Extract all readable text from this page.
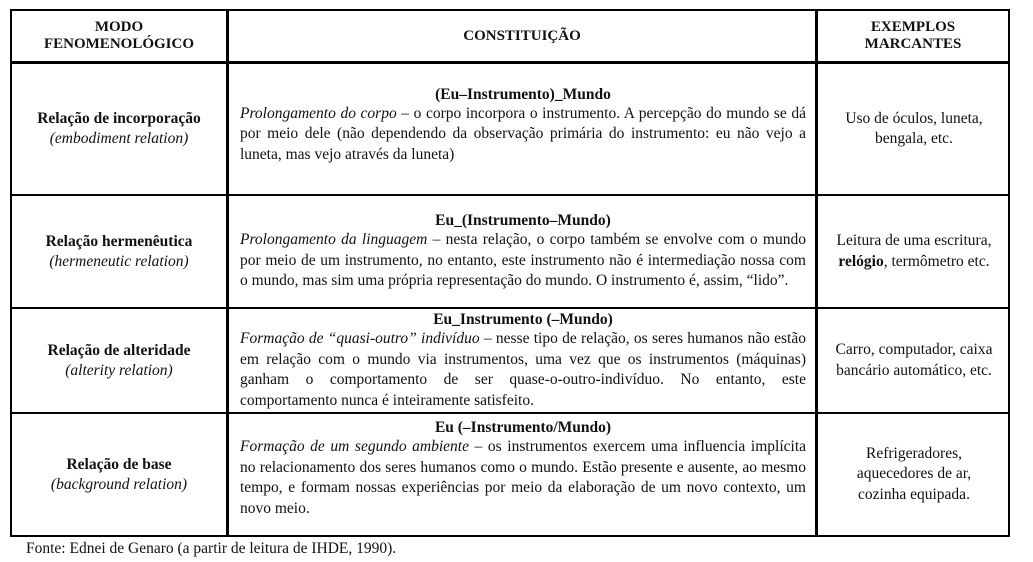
MODO
FENOMENOLÓGICO
CONSTITUIÇÃO
EXEMPLOS
MARCANTES
Relação de incorporação
(embodiment relation)
(Eu–Instrumento)_Mundo
Prolongamento do corpo – o corpo incorpora o instrumento. A percepção do mundo se dá por meio dele (não dependendo da observação primária do instrumento: eu não vejo a luneta, mas vejo através da luneta)
Uso de óculos, luneta, bengala, etc.
Relação hermenêutica
(hermeneutic relation)
Eu_(Instrumento–Mundo)
Prolongamento da linguagem – nesta relação, o corpo também se envolve com o mundo por meio de um instrumento, no entanto, este instrumento não é intermediação nossa com o mundo, mas sim uma própria representação do mundo. O instrumento é, assim, “lido”.
Leitura de uma escritura, relógio, termômetro etc.
Relação de alteridade
(alterity relation)
Eu_Instrumento (–Mundo)
Formação de “quasi-outro” indivíduo – nesse tipo de relação, os seres humanos não estão em relação com o mundo via instrumentos, uma vez que os instrumentos (máquinas) ganham o comportamento de ser quase-o-outro-indivíduo. No entanto, este comportamento nunca é inteiramente satisfeito.
Carro, computador, caixa bancário automático, etc.
Relação de base
(background relation)
Eu (–Instrumento/Mundo)
Formação de um segundo ambiente – os instrumentos exercem uma influencia implícita no relacionamento dos seres humanos como o mundo. Estão presente e ausente, ao mesmo tempo, e formam nossas experiências por meio da elaboração de um novo contexto, um novo meio.
Refrigeradores, aquecedores de ar, cozinha equipada.
Fonte: Ednei de Genaro (a partir de leitura de IHDE, 1990).
